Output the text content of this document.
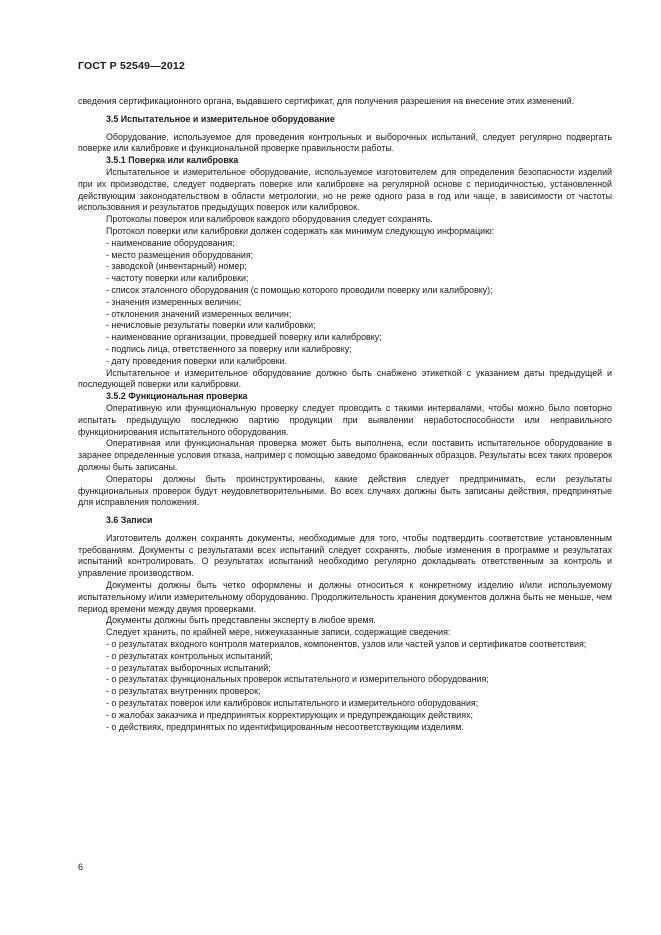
ГОСТ Р 52549—2012

сведения сертификационного органа, выдавшего сертификат, для получения разрешения на внесение этих изменений.

3.5 Испытательное и измерительное оборудование

Оборудование, используемое для проведения контрольных и выборочных испытаний, следует регулярно подвергать поверке или калибровке и функциональной проверке правильности работы.

3.5.1 Поверка или калибровка

Испытательное и измерительное оборудование, используемое изготовителем для определения безопасности изделий при их производстве, следует подвергать поверке или калибровке на регулярной основе с периодичностью, установленной действующим законодательством в области метрологии, но не реже одного раза в год или чаще, в зависимости от частоты использования и результатов предыдущих поверок или калибровок.

Протоколы поверок или калибровок каждого оборудования следует сохранять.

Протокол поверки или калибровки должен содержать как минимум следующую информацию:

- наименование оборудования;

- место размещения оборудования;

- заводской (инвентарный) номер;

- частоту поверки или калибровки;

- список эталонного оборудования (с помощью которого проводили поверку или калибровку);

- значения измеренных величин;

- отклонения значений измеренных величин;

- нечисловые результаты поверки или калибровки;

- наименование организации, проведшей поверку или калибровку;

- подпись лица, ответственного за поверку или калибровку;

- дату проведения поверки или калибровки.

Испытательное и измерительное оборудование должно быть снабжено этикеткой с указанием даты предыдущей и последующей поверки или калибровки.

3.5.2 Функциональная проверка

Оперативную или функциональную проверку следует проводить с такими интервалами, чтобы можно было повторно испытать предыдущую последнюю партию продукции при выявлении неработоспособности или неправильного функционирования испытательного оборудования.

Оперативная или функциональная проверка может быть выполнена, если поставить испытательное оборудование в заранее определенные условия отказа, например с помощью заведомо бракованных образцов. Результаты всех таких проверок должны быть записаны.

Операторы должны быть проинструктированы, какие действия следует предпринимать, если результаты функциональных проверок будут неудовлетворительными. Во всех случаях должны быть записаны действия, предпринятые для исправления положения.

3.6 Записи

Изготовитель должен сохранять документы, необходимые для того, чтобы подтвердить соответствие установленным требованиям. Документы с результатами всех испытаний следует сохранять, любые изменения в программе и результатах испытаний контролировать. О результатах испытаний необходимо регулярно докладывать ответственным за контроль и управление производством.

Документы должны быть четко оформлены и должны относиться к конкретному изделию и/или используемому испытательному и/или измерительному оборудованию. Продолжительность хранения документов должна быть не меньше, чем период времени между двумя проверками.

Документы должны быть представлены эксперту в любое время.

Следует хранить, по крайней мере, нижеуказанные записи, содержащие сведения:

- о результатах входного контроля материалов, компонентов, узлов или частей узлов и сертификатов соответствия;

- о результатах контрольных испытаний;

- о результатах выборочных испытаний;

- о результатах функциональных проверок испытательного и измерительного оборудования;

- о результатах внутренних проверок;

- о результатах поверок или калибровок испытательного и измерительного оборудования;

- о жалобах заказчика и предпринятых корректирующих и предупреждающих действиях;

- о действиях, предпринятых по идентифицированным несоответствующим изделиям.

6
